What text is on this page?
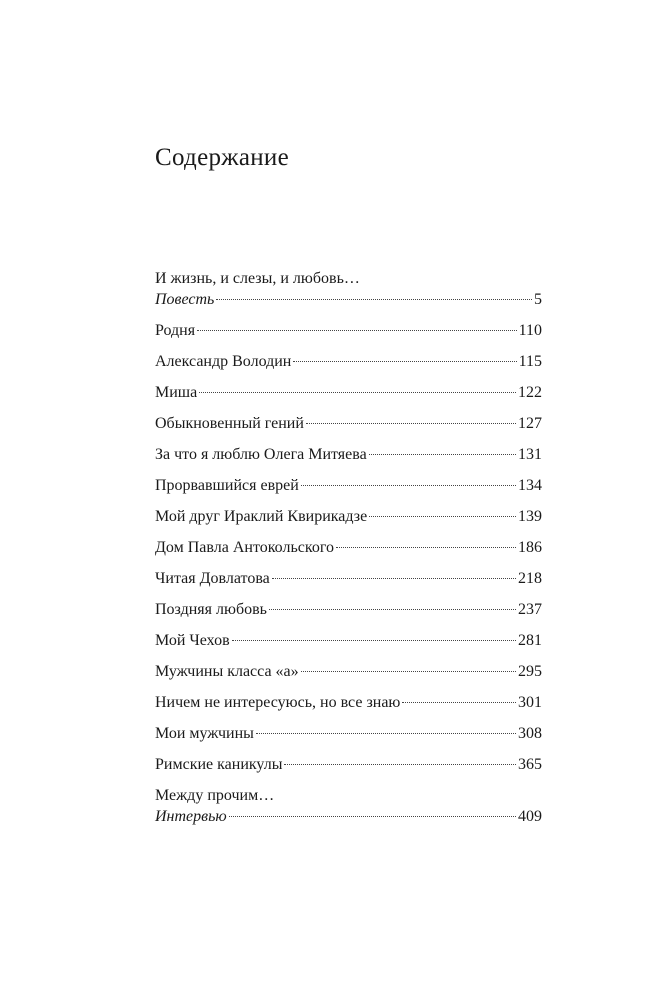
Содержание
И жизнь, и слезы, и любовь…
Повесть	5
Родня	110
Александр Володин	115
Миша	122
Обыкновенный гений	127
За что я люблю Олега Митяева	131
Прорвавшийся еврей	134
Мой друг Ираклий Квирикадзе	139
Дом Павла Антокольского	186
Читая Довлатова	218
Поздняя любовь	237
Мой Чехов	281
Мужчины класса «а»	295
Ничем не интересуюсь, но все знаю	301
Мои мужчины	308
Римские каникулы	365
Между прочим…
Интервью	409
